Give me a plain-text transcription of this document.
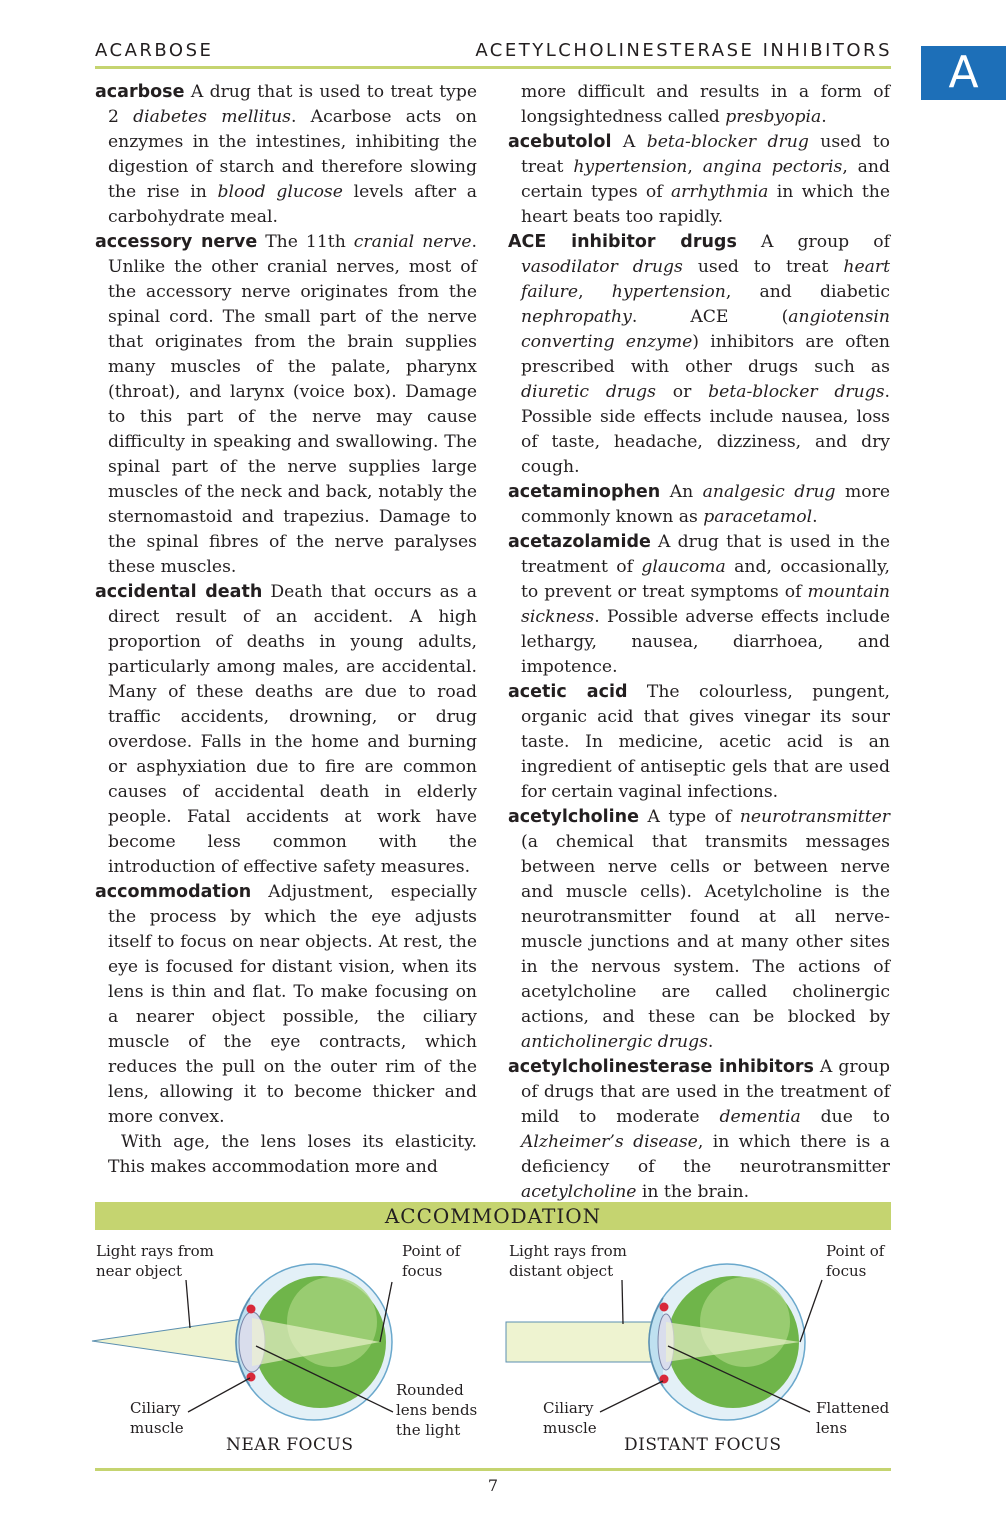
ACARBOSE	ACETYLCHOLINESTERASE INHIBITORS	A

acarbose A drug that is used to treat type 2 diabetes mellitus. Acarbose acts on enzymes in the intestines, inhibiting the digestion of starch and therefore slowing the rise in blood glucose levels after a carbohydrate meal.

accessory nerve The 11th cranial nerve. Unlike the other cranial nerves, most of the accessory nerve originates from the spinal cord. The small part of the nerve that originates from the brain supplies many muscles of the palate, pharynx (throat), and larynx (voice box). Damage to this part of the nerve may cause difficulty in speaking and swallowing. The spinal part of the nerve supplies large muscles of the neck and back, notably the sternomastoid and trapezius. Damage to the spinal fibres of the nerve paralyses these muscles.

accidental death Death that occurs as a direct result of an accident. A high proportion of deaths in young adults, particularly among males, are accidental. Many of these deaths are due to road traffic accidents, drowning, or drug overdose. Falls in the home and burning or asphyxiation due to fire are common causes of accidental death in elderly people. Fatal accidents at work have become less common with the introduction of effective safety measures.

accommodation Adjustment, especially the process by which the eye adjusts itself to focus on near objects. At rest, the eye is focused for distant vision, when its lens is thin and flat. To make focusing on a nearer object possible, the ciliary muscle of the eye contracts, which reduces the pull on the outer rim of the lens, allowing it to become thicker and more convex.

With age, the lens loses its elasticity. This makes accommodation more and

more difficult and results in a form of longsightedness called presbyopia.

acebutolol A beta-blocker drug used to treat hypertension, angina pectoris, and certain types of arrhythmia in which the heart beats too rapidly.

ACE inhibitor drugs A group of vasodilator drugs used to treat heart failure, hypertension, and diabetic nephropathy. ACE (angiotensin converting enzyme) inhibitors are often prescribed with other drugs such as diuretic drugs or beta-blocker drugs. Possible side effects include nausea, loss of taste, headache, dizziness, and dry cough.

acetaminophen An analgesic drug more commonly known as paracetamol.

acetazolamide A drug that is used in the treatment of glaucoma and, occasionally, to prevent or treat symptoms of mountain sickness. Possible adverse effects include lethargy, nausea, diarrhoea, and impotence.

acetic acid The colourless, pungent, organic acid that gives vinegar its sour taste. In medicine, acetic acid is an ingredient of antiseptic gels that are used for certain vaginal infections.

acetylcholine A type of neurotransmitter (a chemical that transmits messages between nerve cells or between nerve and muscle cells). Acetylcholine is the neurotransmitter found at all nerve-muscle junctions and at many other sites in the nervous system. The actions of acetylcholine are called cholinergic actions, and these can be blocked by anticholinergic drugs.

acetylcholinesterase inhibitors A group of drugs that are used in the treatment of mild to moderate dementia due to Alzheimer’s disease, in which there is a deficiency of the neurotransmitter acetylcholine in the brain.

ACCOMMODATION
Light rays from
near object
Point of
focus
Ciliary
muscle
Rounded
lens bends
the light
NEAR FOCUS
Light rays from
distant object
Point of
focus
Ciliary
muscle
Flattened
lens
DISTANT FOCUS
7
